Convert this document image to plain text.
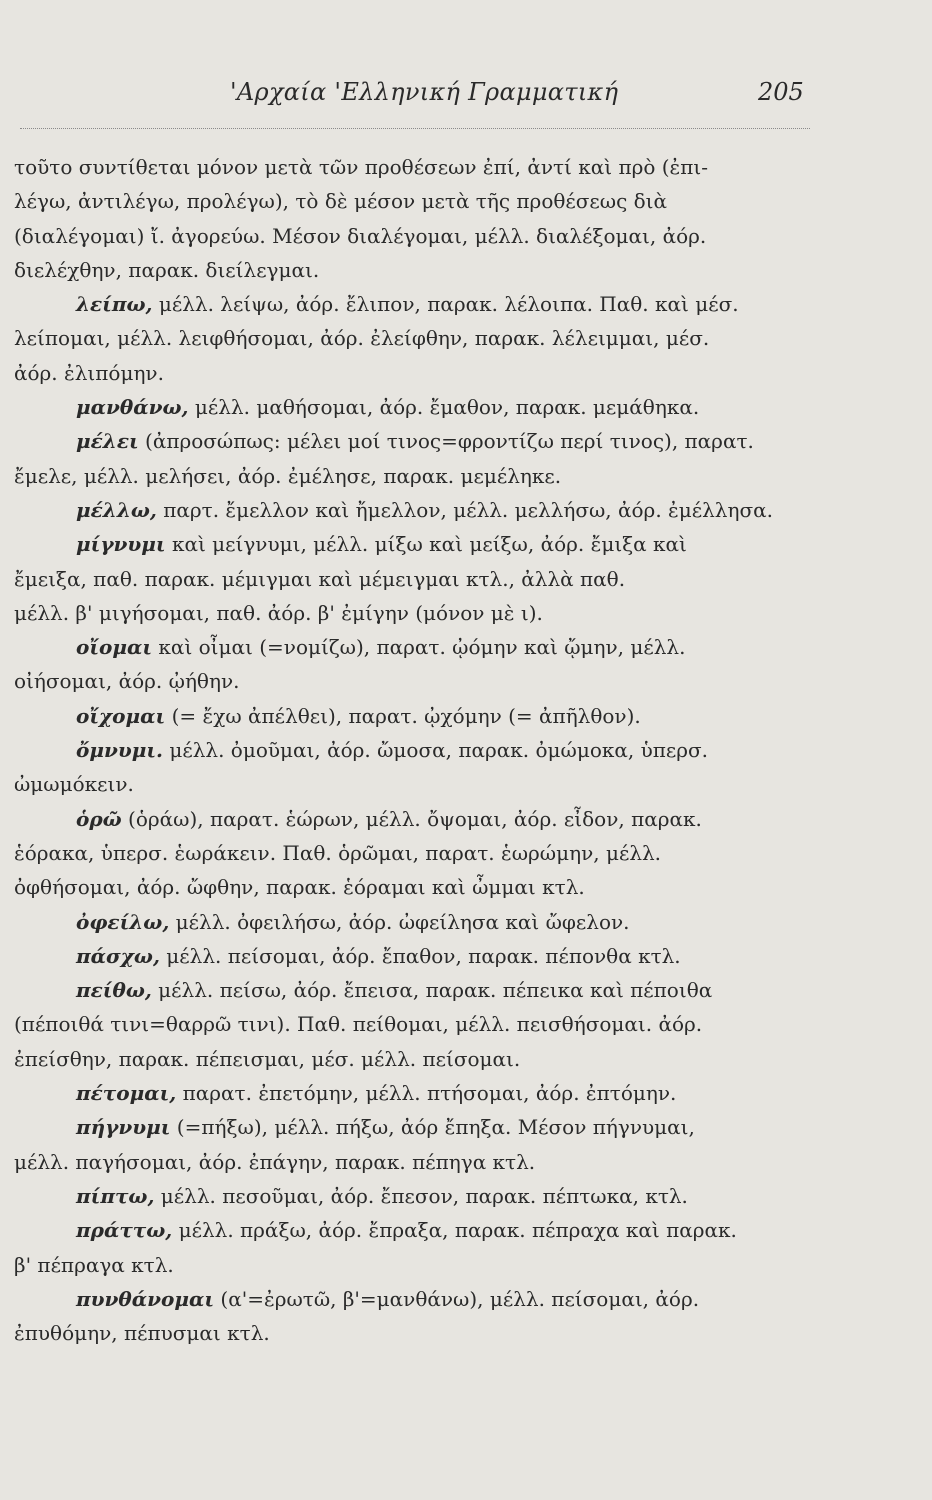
'Αρχαία 'Ελληνική Γραμματική	205
τοῦτο συντίθεται μόνον μετὰ τῶν προθέσεων ἐπί, ἀντί καὶ πρὸ (ἐπι-
λέγω, ἀντιλέγω, προλέγω), τὸ δὲ μέσον μετὰ τῆς προθέσεως διὰ
(διαλέγομαι) ἴ. ἀγορεύω. Μέσον διαλέγομαι, μέλλ. διαλέξομαι, ἀόρ.
διελέχθην, παρακ. διείλεγμαι.
λείπω, μέλλ. λείψω, ἀόρ. ἔλιπον, παρακ. λέλοιπα. Παθ. καὶ μέσ.
λείπομαι, μέλλ. λειφθήσομαι, ἀόρ. ἐλείφθην, παρακ. λέλειμμαι, μέσ.
ἀόρ. ἐλιπόμην.
μανθάνω, μέλλ. μαθήσομαι, ἀόρ. ἔμαθον, παρακ. μεμάθηκα.
μέλει (ἀπροσώπως: μέλει μοί τινος=φροντίζω περί τινος), παρατ.
ἔμελε, μέλλ. μελήσει, ἀόρ. ἐμέλησε, παρακ. μεμέληκε.
μέλλω, παρτ. ἔμελλον καὶ ἤμελλον, μέλλ. μελλήσω, ἀόρ. ἐμέλλησα.
μίγνυμι καὶ μείγνυμι, μέλλ. μίξω καὶ μείξω, ἀόρ. ἔμιξα καὶ
ἔμειξα, παθ. παρακ. μέμιγμαι καὶ μέμειγμαι κτλ., ἀλλὰ παθ.
μέλλ. β' μιγήσομαι, παθ. ἀόρ. β' ἐμίγην (μόνον μὲ ι).
οἴομαι καὶ οἶμαι (=νομίζω), παρατ. ᾠόμην καὶ ᾤμην, μέλλ.
οἰήσομαι, ἀόρ. ᾠήθην.
οἴχομαι (= ἔχω ἀπέλθει), παρατ. ᾠχόμην (= ἀπῆλθον).
ὄμνυμι. μέλλ. ὀμοῦμαι, ἀόρ. ὤμοσα, παρακ. ὀμώμοκα, ὑπερσ.
ὠμωμόκειν.
ὁρῶ (ὁράω), παρατ. ἑώρων, μέλλ. ὄψομαι, ἀόρ. εἶδον, παρακ.
ἑόρακα, ὑπερσ. ἑωράκειν. Παθ. ὁρῶμαι, παρατ. ἑωρώμην, μέλλ.
ὀφθήσομαι, ἀόρ. ὤφθην, παρακ. ἑόραμαι καὶ ὦμμαι κτλ.
ὀφείλω, μέλλ. ὀφειλήσω, ἀόρ. ὠφείλησα καὶ ὤφελον.
πάσχω, μέλλ. πείσομαι, ἀόρ. ἔπαθον, παρακ. πέπονθα κτλ.
πείθω, μέλλ. πείσω, ἀόρ. ἔπεισα, παρακ. πέπεικα καὶ πέποιθα
(πέποιθά τινι=θαρρῶ τινι). Παθ. πείθομαι, μέλλ. πεισθήσομαι. ἀόρ.
ἐπείσθην, παρακ. πέπεισμαι, μέσ. μέλλ. πείσομαι.
πέτομαι, παρατ. ἐπετόμην, μέλλ. πτήσομαι, ἀόρ. ἐπτόμην.
πήγνυμι (=πήξω), μέλλ. πήξω, ἀόρ ἔπηξα. Μέσον πήγνυμαι,
μέλλ. παγήσομαι, ἀόρ. ἐπάγην, παρακ. πέπηγα κτλ.
πίπτω, μέλλ. πεσοῦμαι, ἀόρ. ἔπεσον, παρακ. πέπτωκα, κτλ.
πράττω, μέλλ. πράξω, ἀόρ. ἔπραξα, παρακ. πέπραχα καὶ παρακ.
β' πέπραγα κτλ.
πυνθάνομαι (α'=ἐρωτῶ, β'=μανθάνω), μέλλ. πείσομαι, ἀόρ.
ἐπυθόμην, πέπυσμαι κτλ.
